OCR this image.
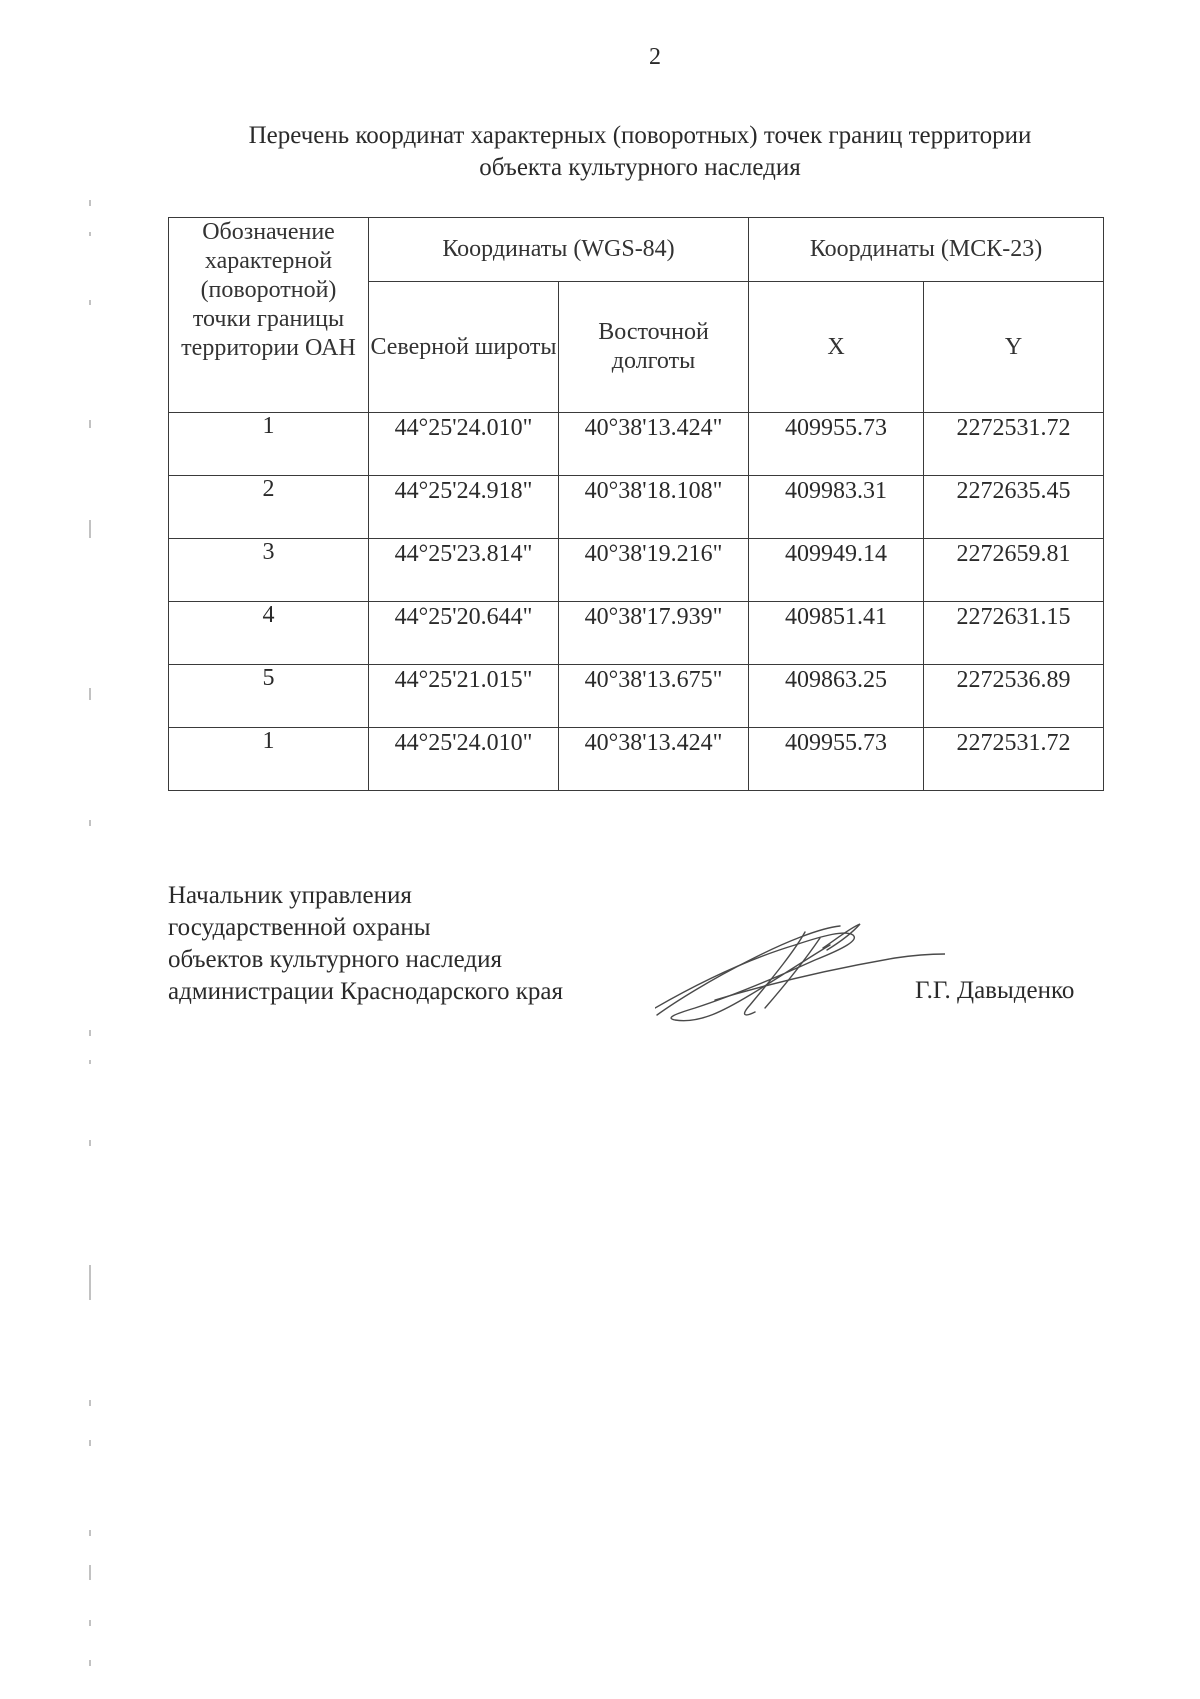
2
Перечень координат характерных (поворотных) точек границ территории
объекта культурного наследия
Обозначение характерной (поворотной) точки границы территории ОАН	Координаты (WGS-84)		Координаты (МСК-23)	
	Северной широты	Восточной долготы	X	Y
1	44°25'24.010"	40°38'13.424"	409955.73	2272531.72
2	44°25'24.918"	40°38'18.108"	409983.31	2272635.45
3	44°25'23.814"	40°38'19.216"	409949.14	2272659.81
4	44°25'20.644"	40°38'17.939"	409851.41	2272631.15
5	44°25'21.015"	40°38'13.675"	409863.25	2272536.89
1	44°25'24.010"	40°38'13.424"	409955.73	2272531.72
Начальник управления
государственной охраны
объектов культурного наследия
администрации Краснодарского края	Г.Г. Давыденко
